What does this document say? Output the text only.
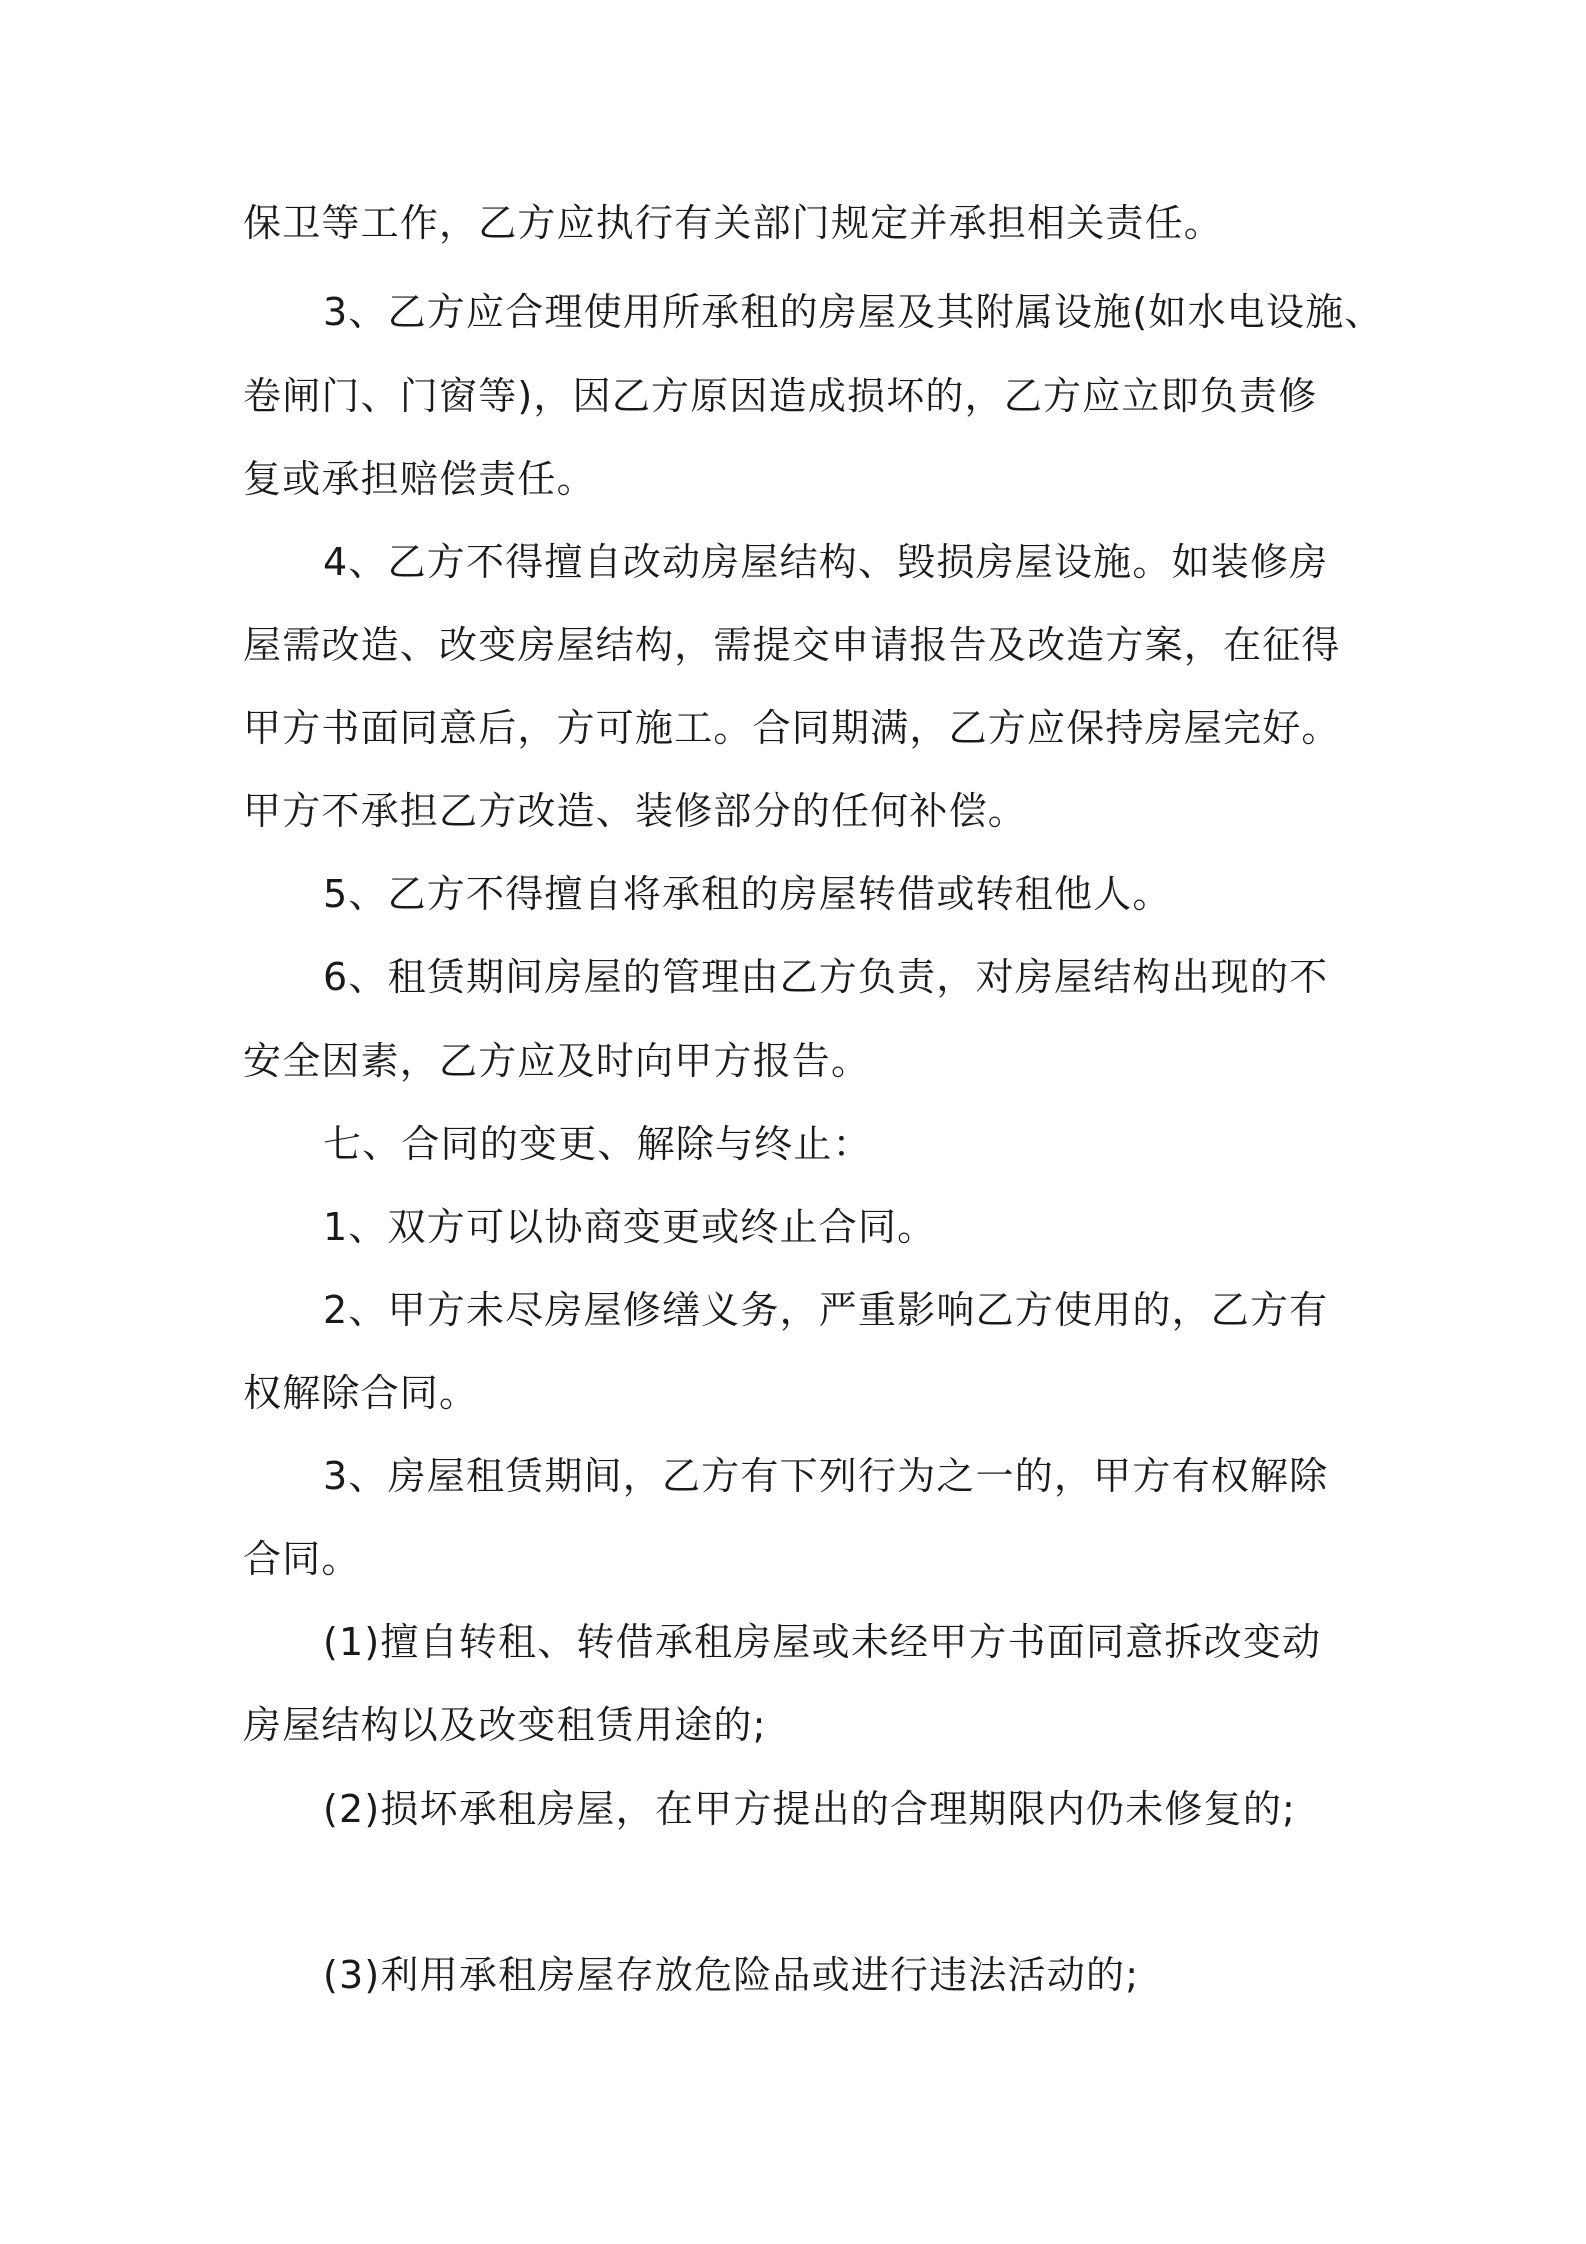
保卫等工作，乙方应执行有关部门规定并承担相关责任。

3、乙方应合理使用所承租的房屋及其附属设施(如水电设施、

卷闸门、门窗等)，因乙方原因造成损坏的，乙方应立即负责修

复或承担赔偿责任。

4、乙方不得擅自改动房屋结构、毁损房屋设施。如装修房

屋需改造、改变房屋结构，需提交申请报告及改造方案，在征得

甲方书面同意后，方可施工。合同期满，乙方应保持房屋完好。

甲方不承担乙方改造、装修部分的任何补偿。

5、乙方不得擅自将承租的房屋转借或转租他人。

6、租赁期间房屋的管理由乙方负责，对房屋结构出现的不

安全因素，乙方应及时向甲方报告。

七、合同的变更、解除与终止：

1、双方可以协商变更或终止合同。

2、甲方未尽房屋修缮义务，严重影响乙方使用的，乙方有

权解除合同。

3、房屋租赁期间，乙方有下列行为之一的，甲方有权解除

合同。

(1)擅自转租、转借承租房屋或未经甲方书面同意拆改变动

房屋结构以及改变租赁用途的;

(2)损坏承租房屋，在甲方提出的合理期限内仍未修复的;

(3)利用承租房屋存放危险品或进行违法活动的;
